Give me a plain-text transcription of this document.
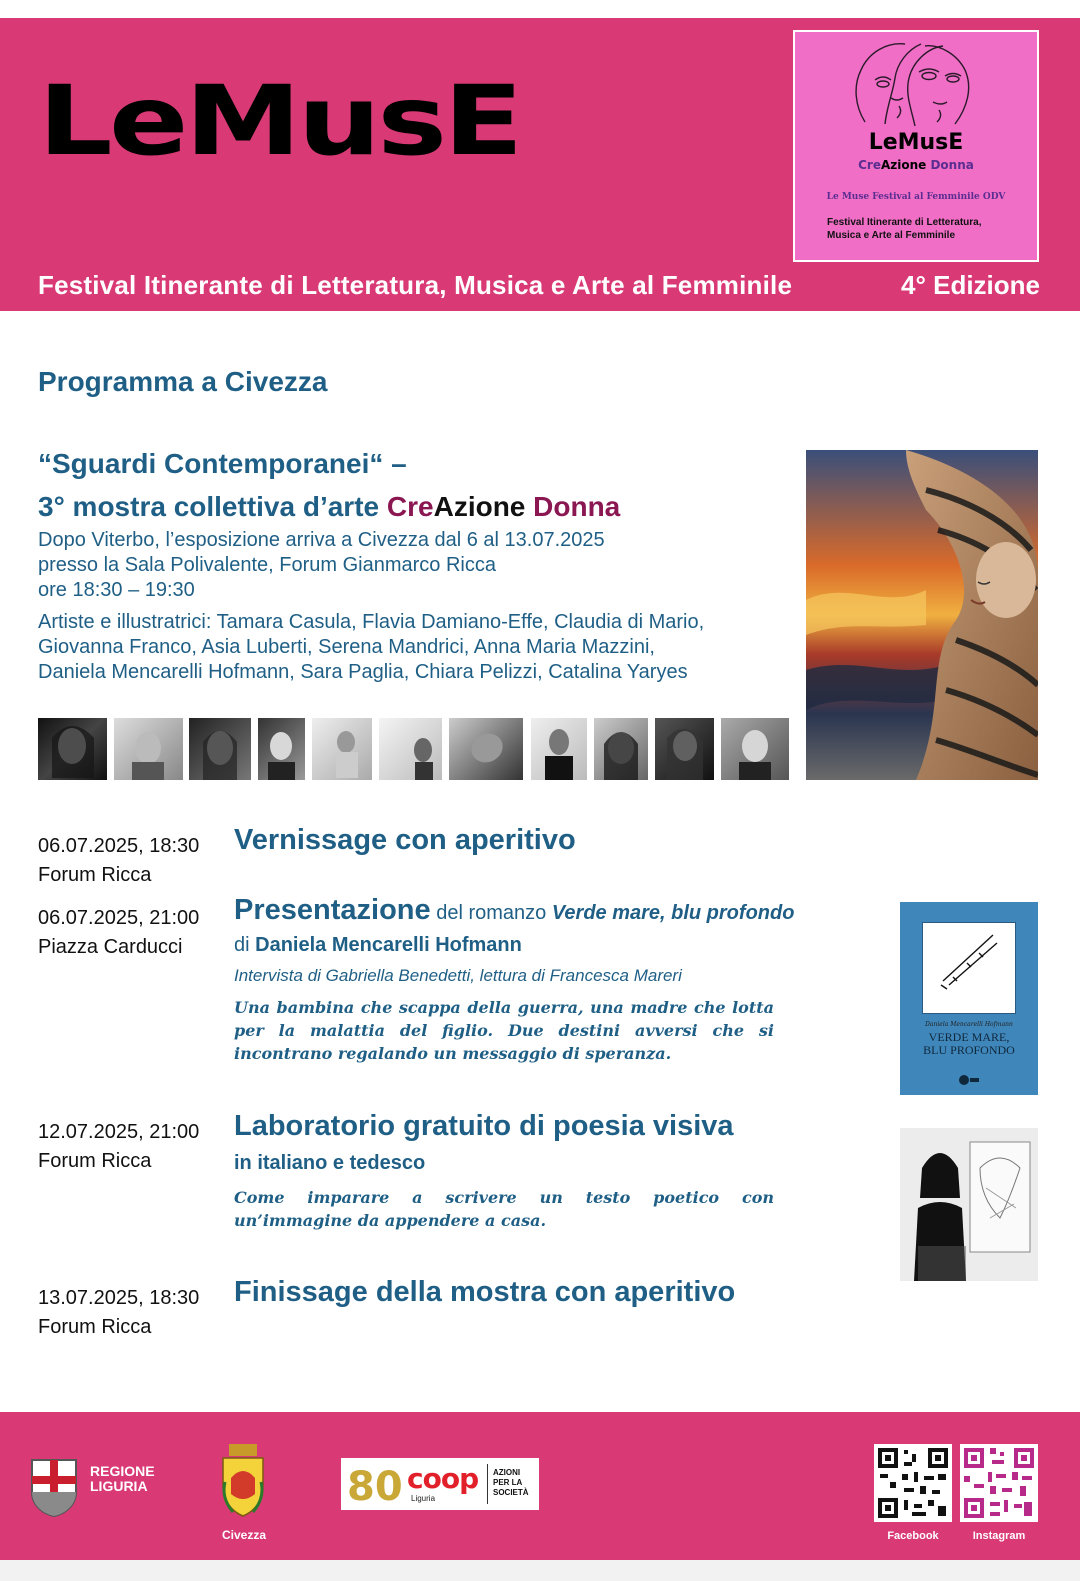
LeMusE	LeMusE
CreAzione Donna
Le Muse Festival al Femminile ODV
Festival Itinerante di Letteratura,
Musica e Arte al Femminile
Festival Itinerante di Letteratura, Musica e Arte al Femminile	4° Edizione
Programma a Civezza
“Sguardi Contemporanei“ –
3° mostra collettiva d’arte CreAzione Donna
Dopo Viterbo, l’esposizione arriva a Civezza dal 6 al 13.07.2025
presso la Sala Polivalente, Forum Gianmarco Ricca
ore 18:30 – 19:30
Artiste e illustratrici: Tamara Casula, Flavia Damiano-Effe, Claudia di Mario,
Giovanna Franco, Asia Luberti, Serena Mandrici, Anna Maria Mazzini,
Daniela Mencarelli Hofmann, Sara Paglia, Chiara Pelizzi, Catalina Yaryes
06.07.2025, 18:30
Forum Ricca
Vernissage con aperitivo
06.07.2025, 21:00
Piazza Carducci
Presentazione del romanzo Verde mare, blu profondo
di Daniela Mencarelli Hofmann
Intervista di Gabriella Benedetti, lettura di Francesca Mareri
Una bambina che scappa della guerra, una madre che lotta per la malattia del figlio. Due destini avversi che si incontrano regalando un messaggio di speranza.
Daniela Mencarelli Hofmann
VERDE MARE,
BLU PROFONDO
12.07.2025, 21:00
Forum Ricca
Laboratorio gratuito di poesia visiva
in italiano e tedesco
Come imparare a scrivere un testo poetico con un’immagine da appendere a casa.
13.07.2025, 18:30
Forum Ricca
Finissage della mostra con aperitivo
REGIONE
LIGURIA
Civezza
80 coop
Liguria
AZIONI
PER LA
SOCIETÀ
Facebook	Instagram
